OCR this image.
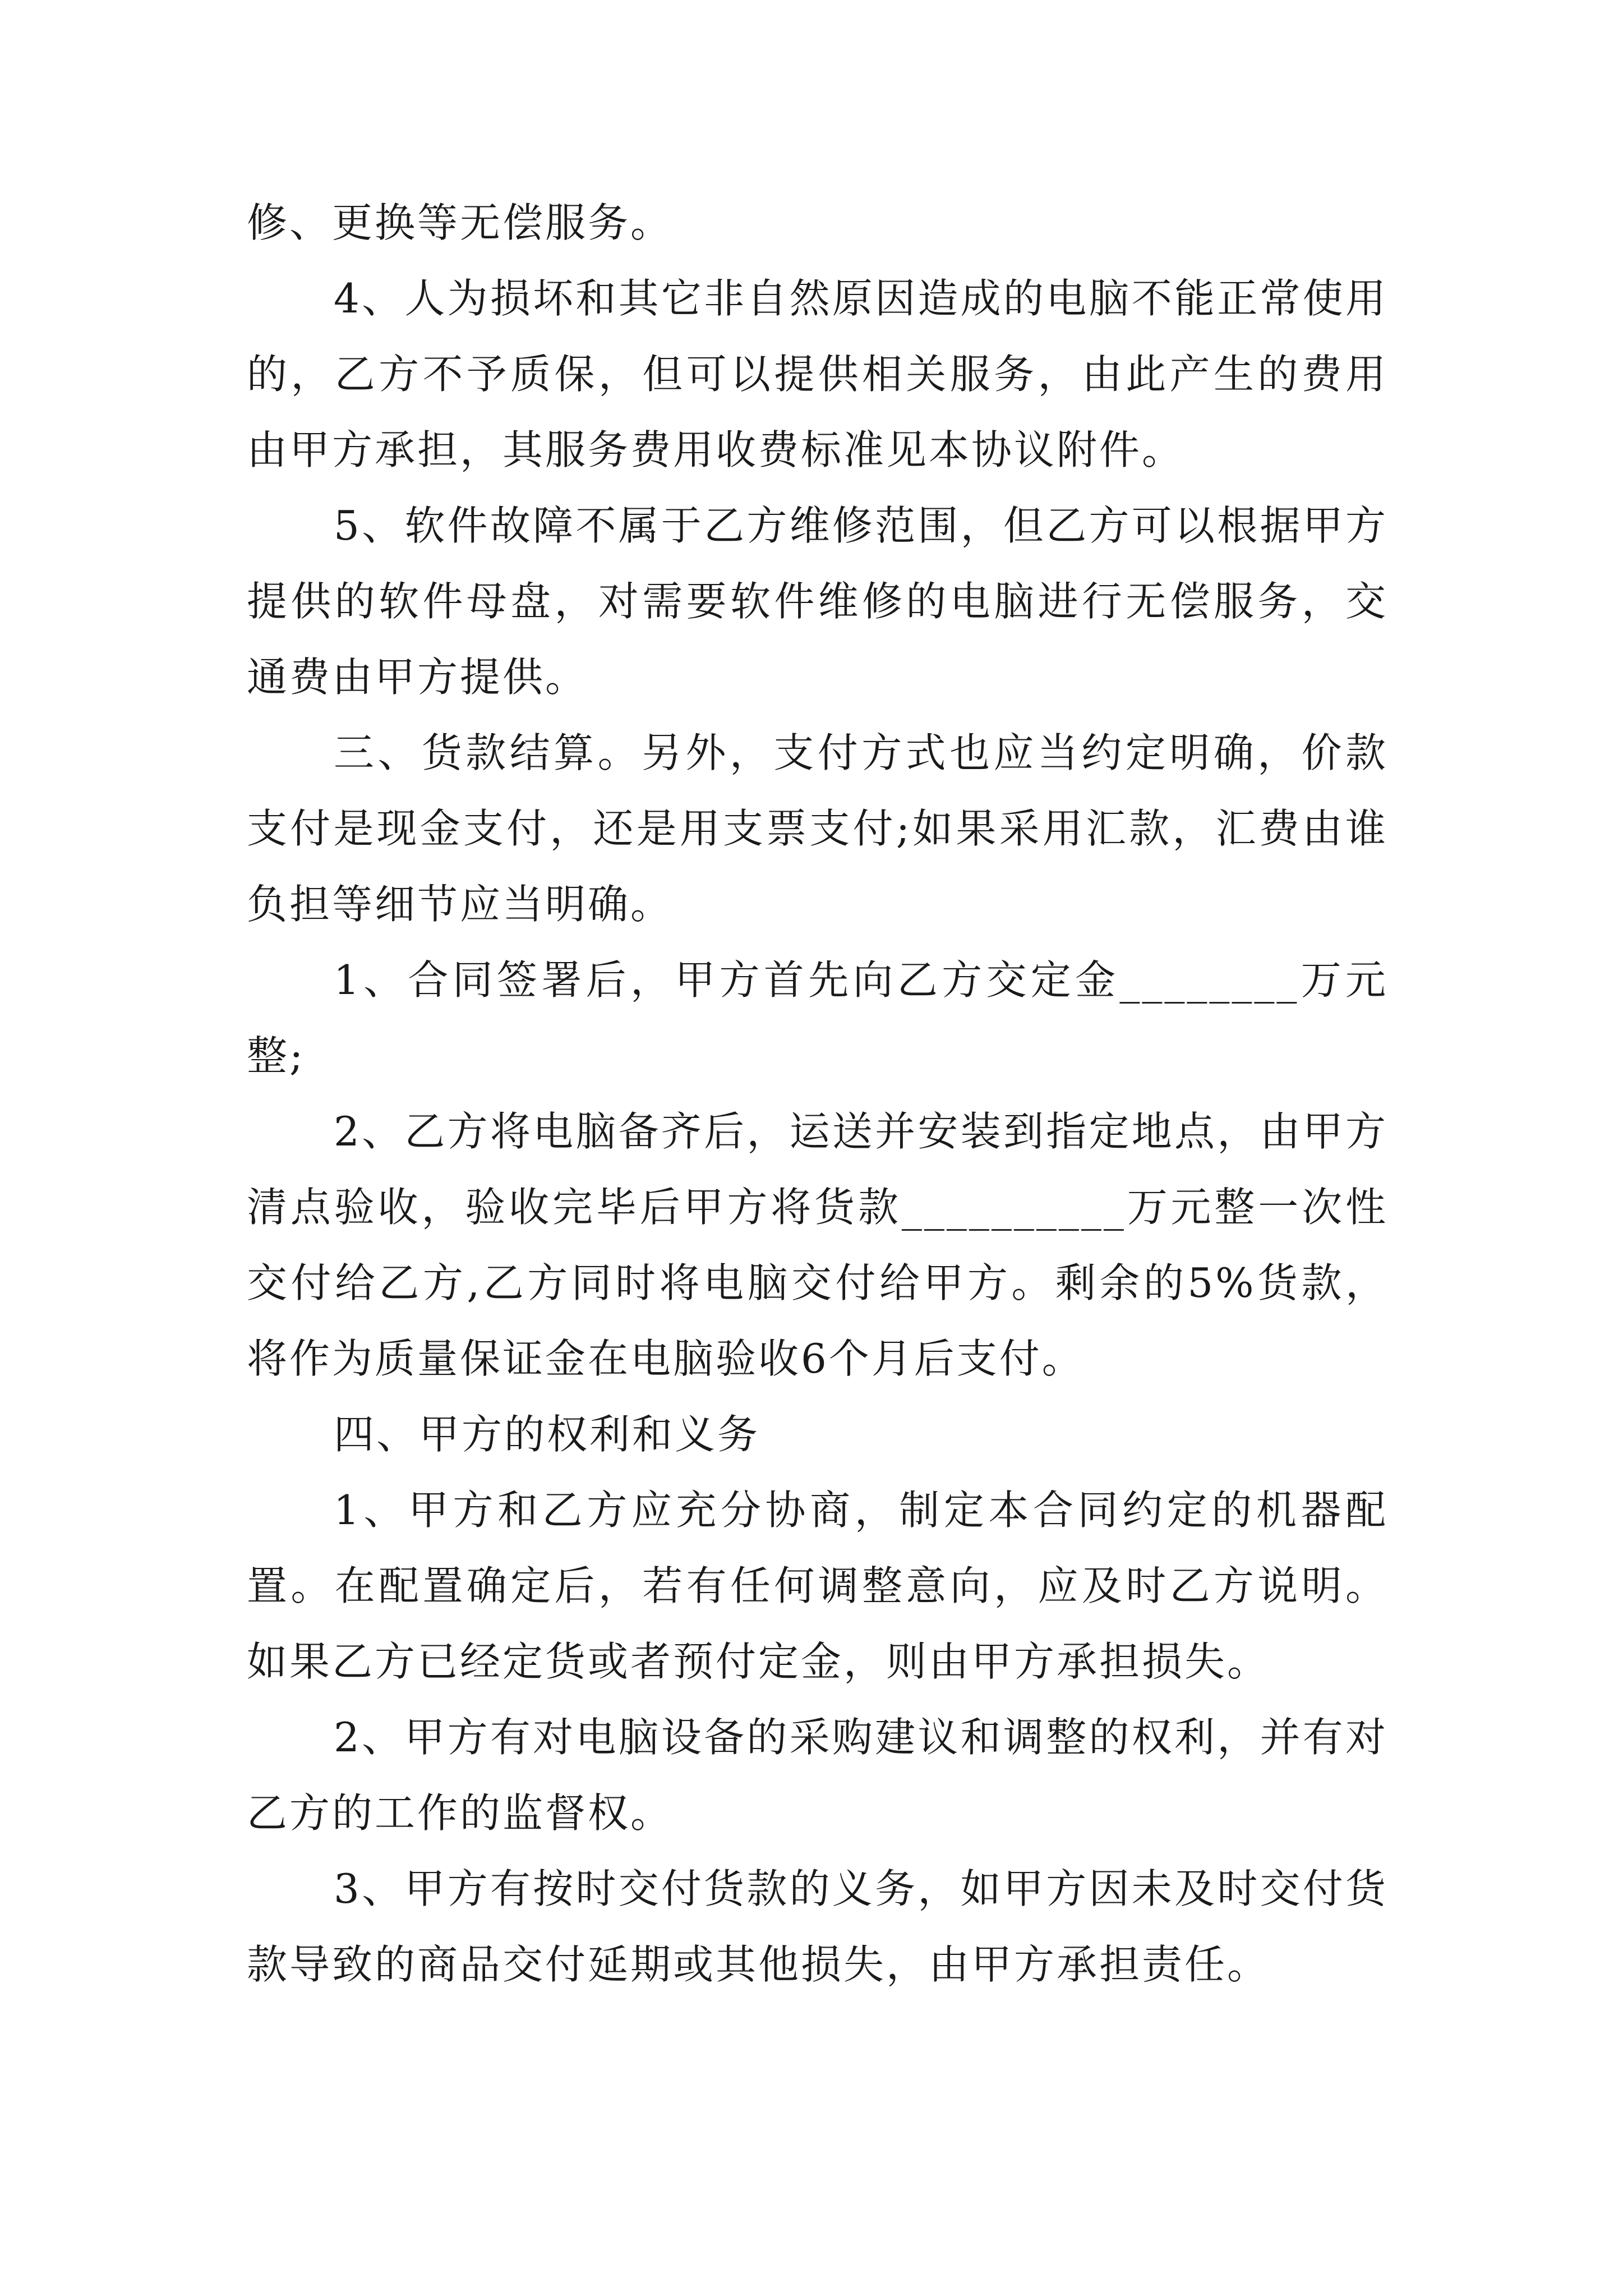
修、更换等无偿服务。

4、人为损坏和其它非自然原因造成的电脑不能正常使用的，乙方不予质保，但可以提供相关服务，由此产生的费用由甲方承担，其服务费用收费标准见本协议附件。

5、软件故障不属于乙方维修范围，但乙方可以根据甲方提供的软件母盘，对需要软件维修的电脑进行无偿服务，交通费由甲方提供。

三、货款结算。另外，支付方式也应当约定明确，价款支付是现金支付，还是用支票支付;如果采用汇款，汇费由谁负担等细节应当明确。

1、合同签署后，甲方首先向乙方交定金________万元整;

2、乙方将电脑备齐后，运送并安装到指定地点，由甲方清点验收，验收完毕后甲方将货款__________万元整一次性交付给乙方,乙方同时将电脑交付给甲方。剩余的5%货款，将作为质量保证金在电脑验收6个月后支付。

四、甲方的权利和义务

1、甲方和乙方应充分协商，制定本合同约定的机器配置。在配置确定后，若有任何调整意向，应及时乙方说明。如果乙方已经定货或者预付定金，则由甲方承担损失。

2、甲方有对电脑设备的采购建议和调整的权利，并有对乙方的工作的监督权。

3、甲方有按时交付货款的义务，如甲方因未及时交付货款导致的商品交付延期或其他损失，由甲方承担责任。
